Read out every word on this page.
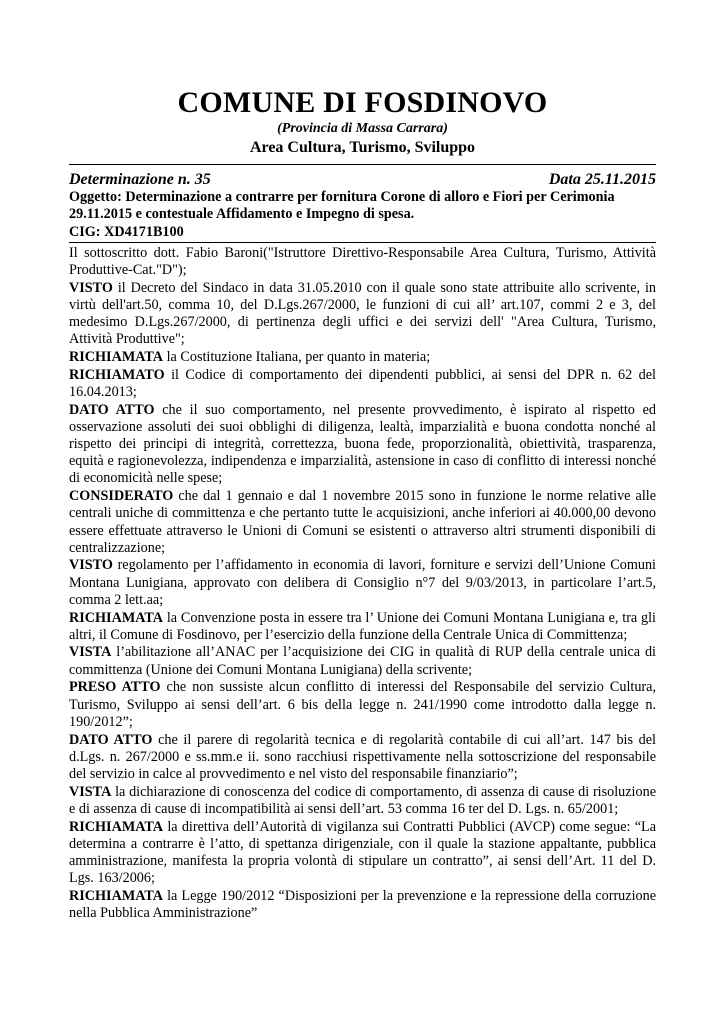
COMUNE DI FOSDINOVO

(Provincia di Massa Carrara)

Area Cultura, Turismo, Sviluppo

Determinazione n. 35	Data 25.11.2015

Oggetto: Determinazione a contrarre per fornitura Corone di alloro e Fiori per Cerimonia 29.11.2015 e contestuale Affidamento e Impegno di spesa.

CIG: XD4171B100

Il sottoscritto dott. Fabio Baroni("Istruttore Direttivo-Responsabile Area Cultura, Turismo, Attività Produttive-Cat."D");

VISTO il Decreto del Sindaco in data 31.05.2010 con il quale sono state attribuite allo scrivente, in virtù dell'art.50, comma 10, del D.Lgs.267/2000, le funzioni di cui all’ art.107, commi 2 e 3, del medesimo D.Lgs.267/2000, di pertinenza degli uffici e dei servizi dell' "Area Cultura, Turismo, Attività Produttive";

RICHIAMATA la Costituzione Italiana, per quanto in materia;

RICHIAMATO il Codice di comportamento dei dipendenti pubblici, ai sensi del DPR n. 62 del 16.04.2013;

DATO ATTO che il suo comportamento, nel presente provvedimento, è ispirato al rispetto ed osservazione assoluti dei suoi obblighi di diligenza, lealtà, imparzialità e buona condotta nonché al rispetto dei principi di integrità, correttezza, buona fede, proporzionalità, obiettività, trasparenza, equità e ragionevolezza, indipendenza e imparzialità, astensione in caso di conflitto di interessi nonché di economicità nelle spese;

CONSIDERATO che dal 1 gennaio e dal 1 novembre 2015 sono in funzione le norme relative alle centrali uniche di committenza e che pertanto tutte le acquisizioni, anche inferiori ai 40.000,00 devono essere effettuate attraverso le Unioni di Comuni se esistenti o attraverso altri strumenti disponibili di centralizzazione;

VISTO regolamento per l’affidamento in economia di lavori, forniture e servizi dell’Unione Comuni Montana Lunigiana, approvato con delibera di Consiglio n°7 del 9/03/2013, in particolare l’art.5, comma 2 lett.aa;

RICHIAMATA la Convenzione posta in essere tra l’ Unione dei Comuni Montana Lunigiana e, tra gli altri, il Comune di Fosdinovo, per l’esercizio della funzione della Centrale Unica di Committenza;

VISTA l’abilitazione all’ANAC per l’acquisizione dei CIG in qualità di RUP della centrale unica di committenza (Unione dei Comuni Montana Lunigiana) della scrivente;

PRESO ATTO che non sussiste alcun conflitto di interessi del Responsabile del servizio Cultura, Turismo, Sviluppo ai sensi dell’art. 6 bis della legge n. 241/1990 come introdotto dalla legge n. 190/2012”;

DATO ATTO che il parere di regolarità tecnica e di regolarità contabile di cui all’art. 147 bis del d.Lgs. n. 267/2000 e ss.mm.e ii. sono racchiusi rispettivamente nella sottoscrizione del responsabile del servizio in calce al provvedimento e nel visto del responsabile finanziario”;

VISTA la dichiarazione di conoscenza del codice di comportamento, di assenza di cause di risoluzione e di assenza di cause di incompatibilità ai sensi dell’art. 53 comma 16 ter del D. Lgs. n. 65/2001;

RICHIAMATA la direttiva dell’Autorità di vigilanza sui Contratti Pubblici (AVCP) come segue: “La determina a contrarre è l’atto, di spettanza dirigenziale, con il quale la stazione appaltante, pubblica amministrazione, manifesta la propria volontà di stipulare un contratto”, ai sensi dell’Art. 11 del D. Lgs. 163/2006;

RICHIAMATA la Legge 190/2012 “Disposizioni per la prevenzione e la repressione della corruzione nella Pubblica Amministrazione”
